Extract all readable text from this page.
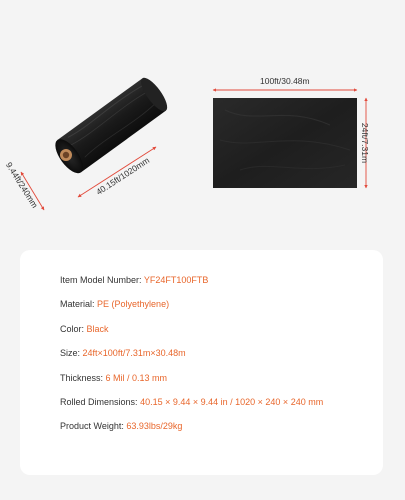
100ft/30.48m
24ft/7.31m
9.44ft/240mm	40.15ft/1020mm
Item Model Number: YF24FT100FTB
Material: PE (Polyethylene)
Color: Black
Size: 24ft×100ft/7.31m×30.48m
Thickness: 6 Mil / 0.13 mm
Rolled Dimensions: 40.15 × 9.44 × 9.44 in / 1020 × 240 × 240 mm
Product Weight: 63.93lbs/29kg
